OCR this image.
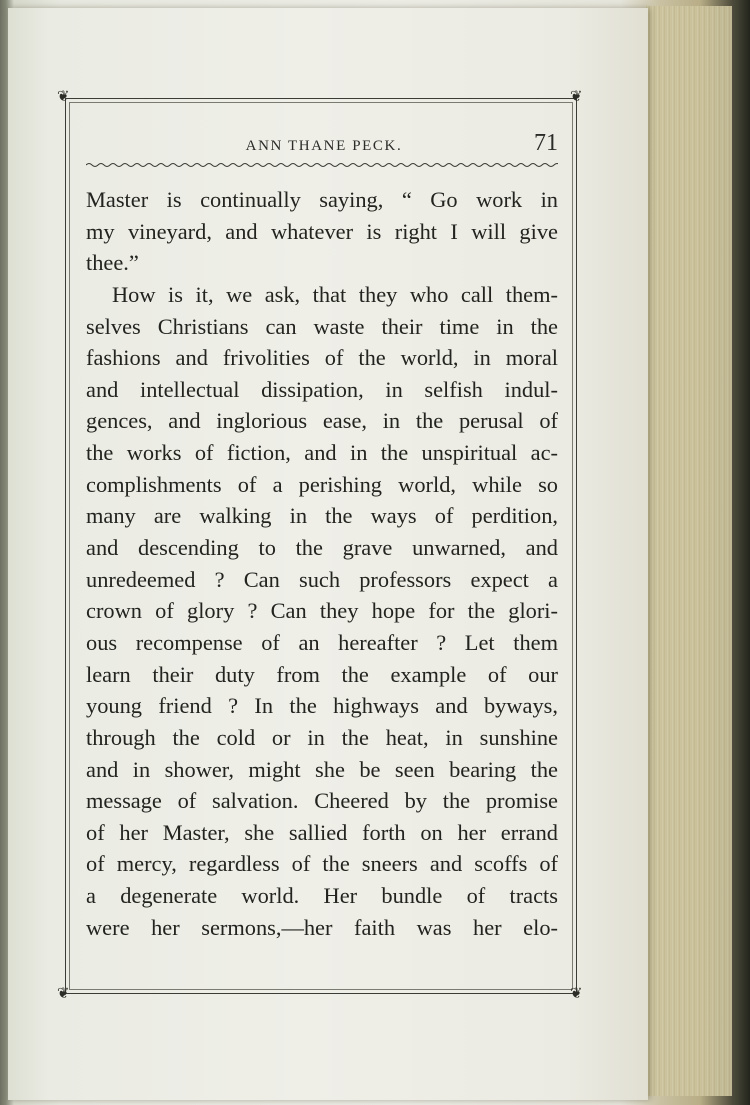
❦	❦
❦	❦
ANN THANE PECK.	71
Master is continually saying, “ Go work in
my vineyard, and whatever is right I will give
thee.”
How is it, we ask, that they who call them-
selves Christians can waste their time in the
fashions and frivolities of the world, in moral
and intellectual dissipation, in selfish indul-
gences, and inglorious ease, in the perusal of
the works of fiction, and in the unspiritual ac-
complishments of a perishing world, while so
many are walking in the ways of perdition,
and descending to the grave unwarned, and
unredeemed ? Can such professors expect a
crown of glory ? Can they hope for the glori-
ous recompense of an hereafter ? Let them
learn their duty from the example of our
young friend ? In the highways and byways,
through the cold or in the heat, in sunshine
and in shower, might she be seen bearing the
message of salvation. Cheered by the promise
of her Master, she sallied forth on her errand
of mercy, regardless of the sneers and scoffs of
a degenerate world. Her bundle of tracts
were her sermons,—her faith was her elo-
